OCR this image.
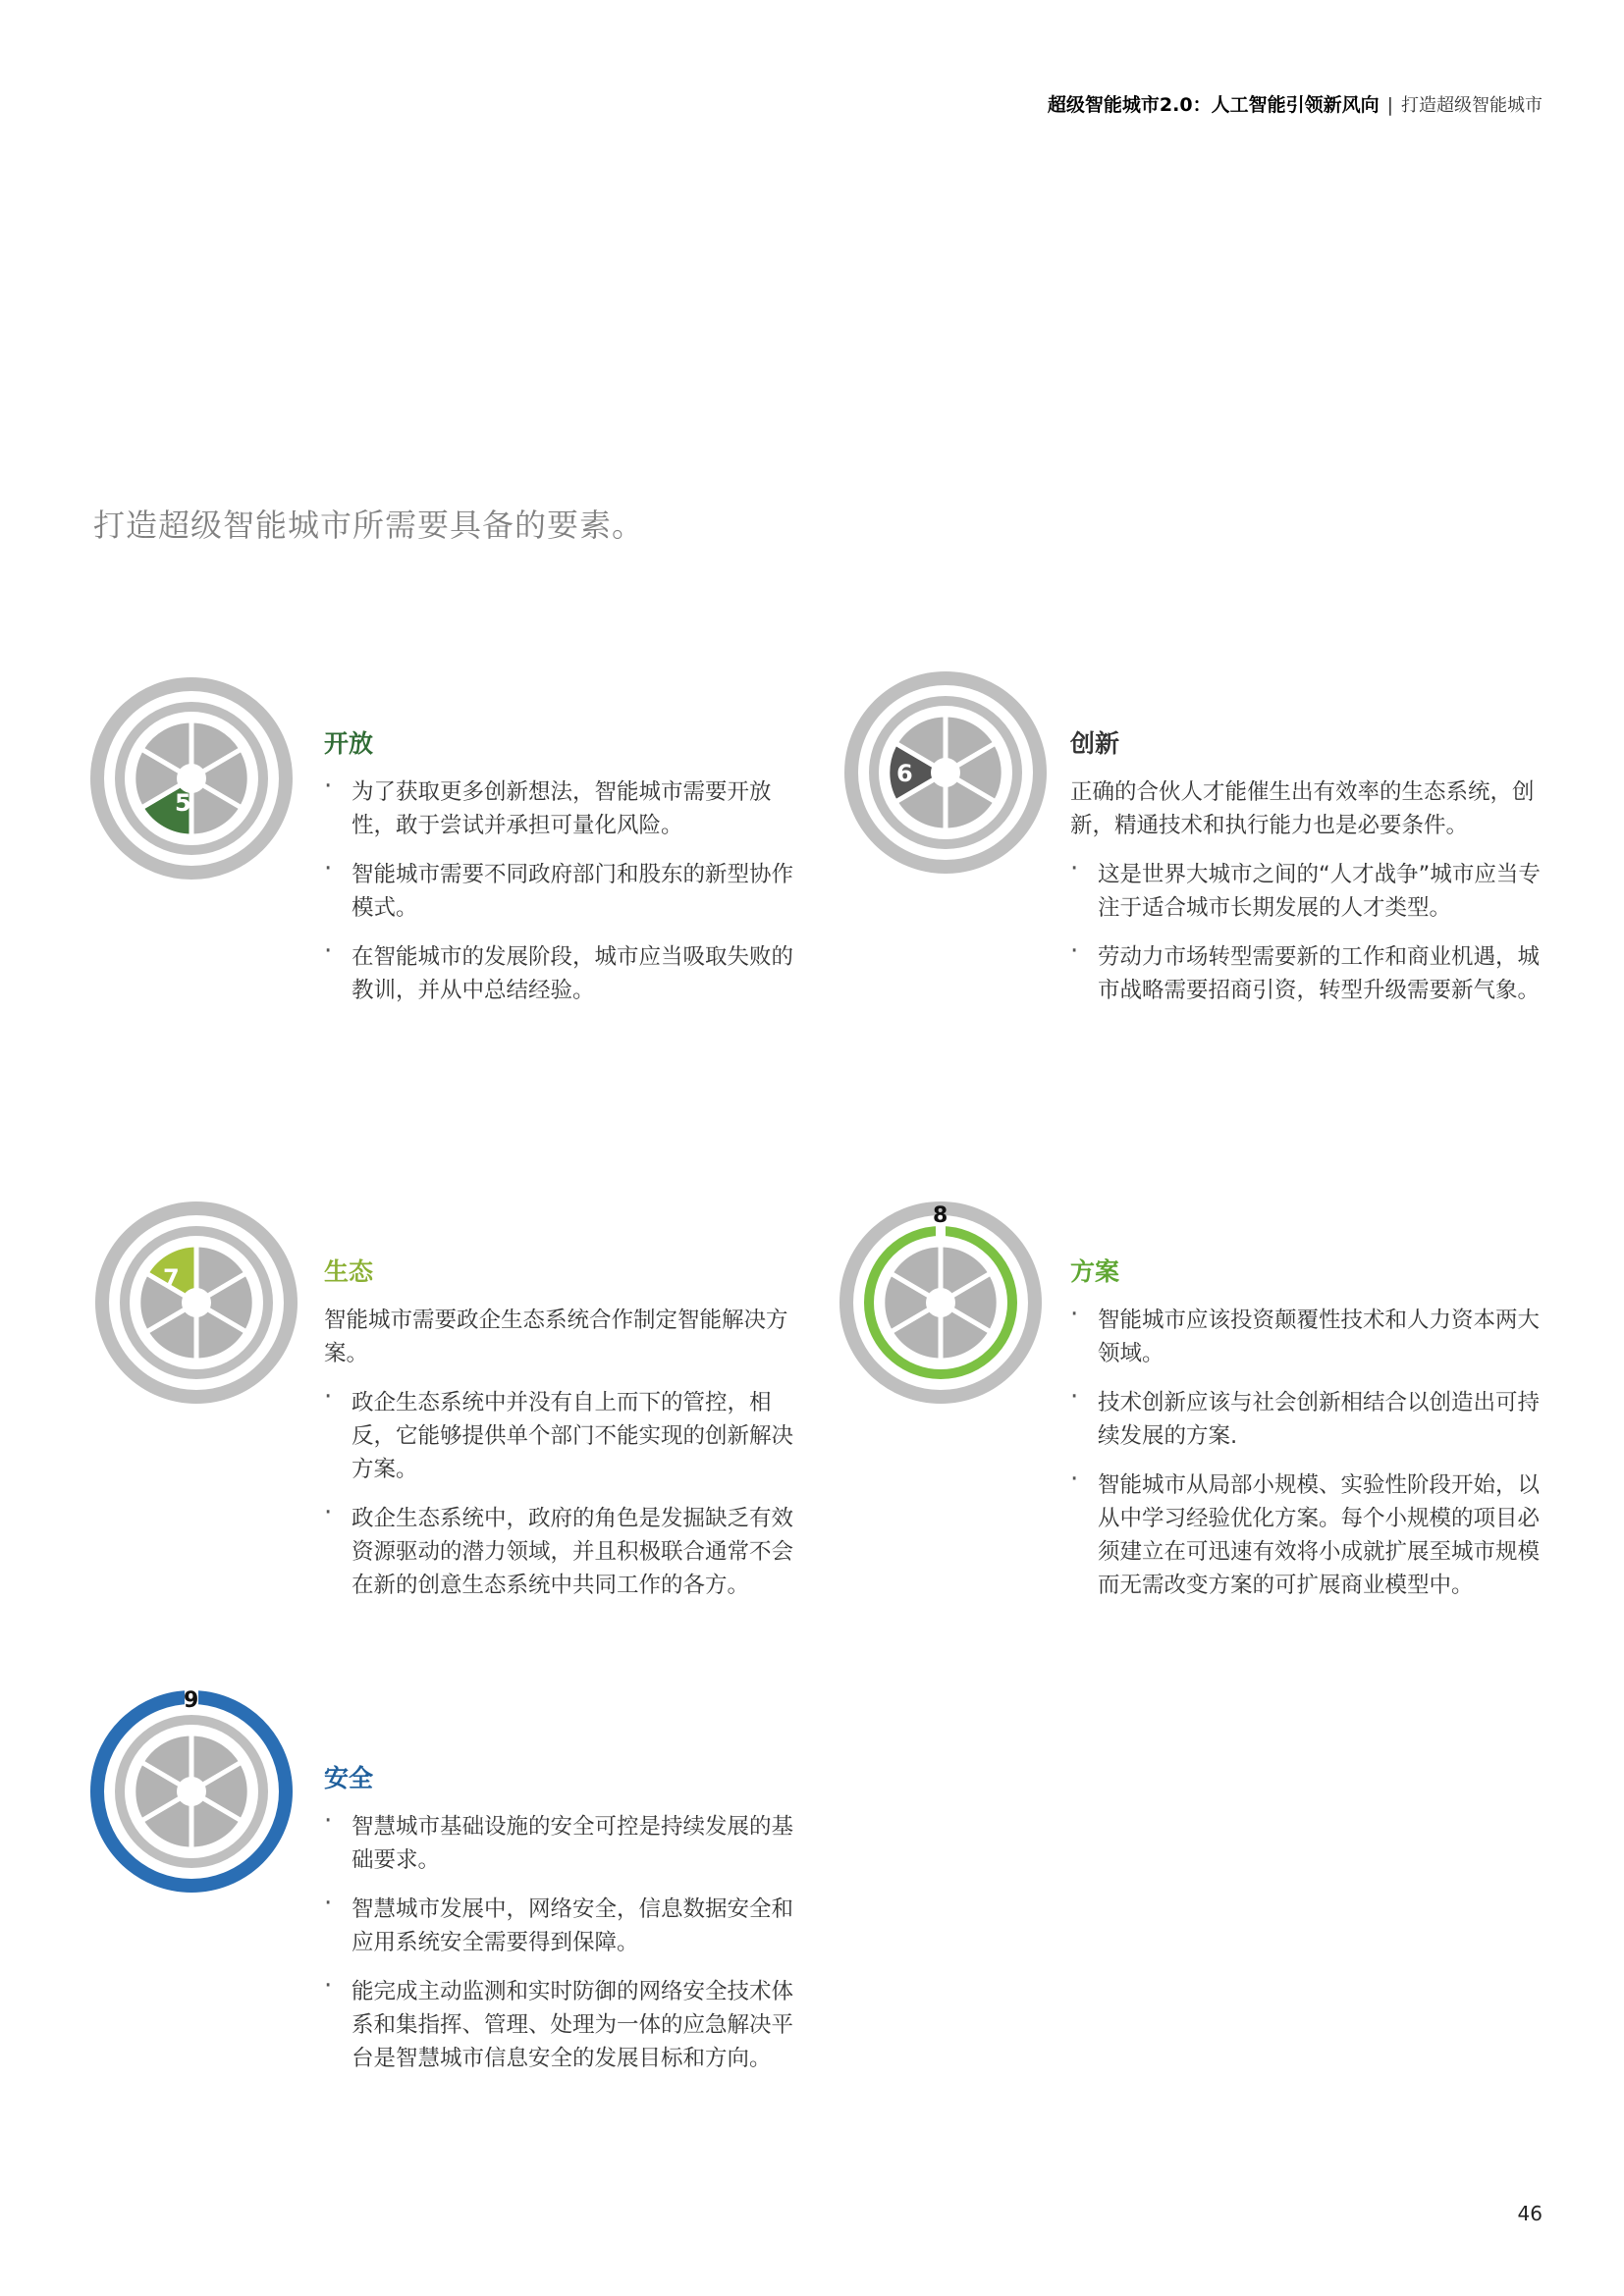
超级智能城市2.0：人工智能引领新风向 | 打造超级智能城市
打造超级智能城市所需要具备的要素。
5
开放
· 为了获取更多创新想法，智能城市需要开放性，敢于尝试并承担可量化风险。
· 智能城市需要不同政府部门和股东的新型协作模式。
· 在智能城市的发展阶段，城市应当吸取失败的教训，并从中总结经验。
6
创新

正确的合伙人才能催生出有效率的生态系统，创新，精通技术和执行能力也是必要条件。

· 这是世界大城市之间的“人才战争”城市应当专注于适合城市长期发展的人才类型。
· 劳动力市场转型需要新的工作和商业机遇，城市战略需要招商引资，转型升级需要新气象。
7	生态

智能城市需要政企生态系统合作制定智能解决方案。

· 政企生态系统中并没有自上而下的管控，相反，它能够提供单个部门不能实现的创新解决方案。
· 政企生态系统中，政府的角色是发掘缺乏有效资源驱动的潜力领域，并且积极联合通常不会在新的创意生态系统中共同工作的各方。
8
方案
· 智能城市应该投资颠覆性技术和人力资本两大领域。
· 技术创新应该与社会创新相结合以创造出可持续发展的方案.
· 智能城市从局部小规模、实验性阶段开始，以从中学习经验优化方案。每个小规模的项目必须建立在可迅速有效将小成就扩展至城市规模而无需改变方案的可扩展商业模型中。
9
安全
· 智慧城市基础设施的安全可控是持续发展的基础要求。
· 智慧城市发展中，网络安全，信息数据安全和应用系统安全需要得到保障。
· 能完成主动监测和实时防御的网络安全技术体系和集指挥、管理、处理为一体的应急解决平台是智慧城市信息安全的发展目标和方向。
46
